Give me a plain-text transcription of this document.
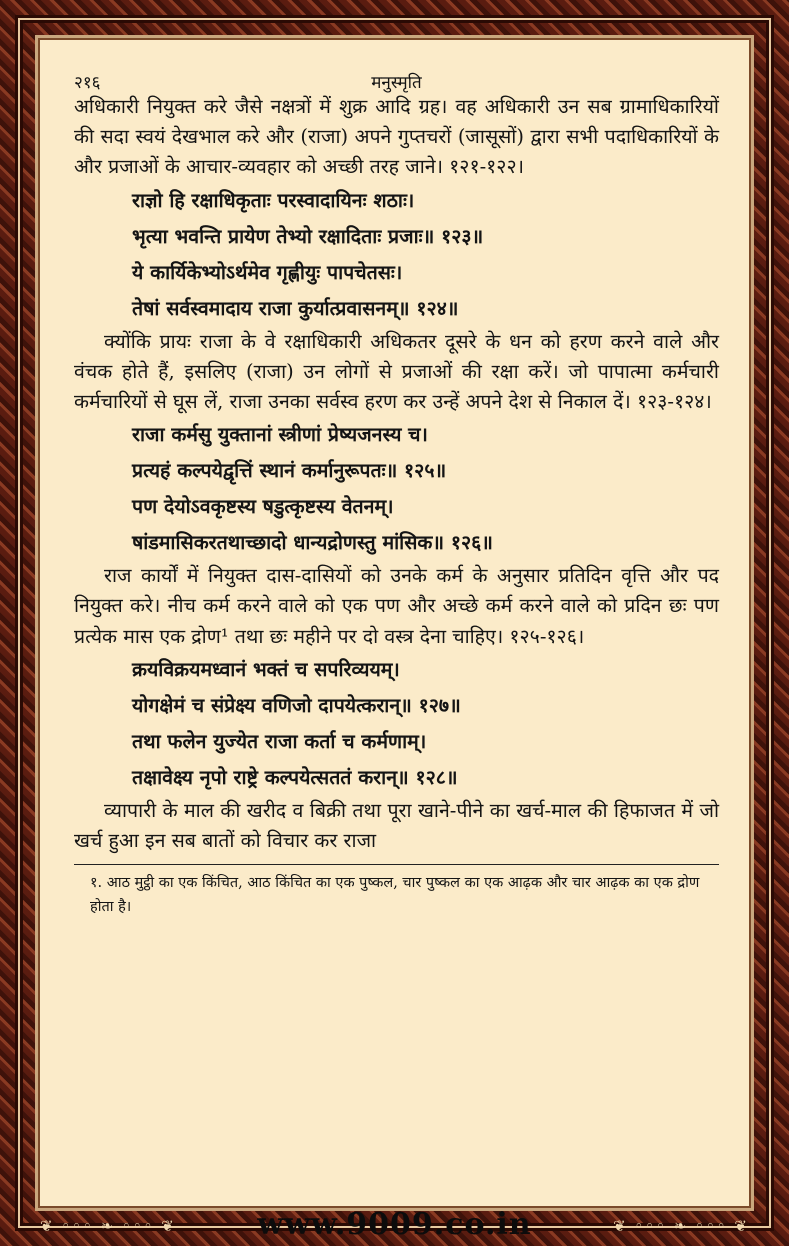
❦ ◦◦◦ ❧ ◦◦◦ ❦	❦ ◦◦◦ ❧ ◦◦◦ ❦
२१६	मनुस्मृति

अधिकारी नियुक्त करे जैसे नक्षत्रों में शुक्र आदि ग्रह। वह अधिकारी उन सब ग्रामाधिकारियों की सदा स्वयं देखभाल करे और (राजा) अपने गुप्तचरों (जासूसों) द्वारा सभी पदाधिकारियों के और प्रजाओं के आचार-व्यवहार को अच्छी तरह जाने। १२१-१२२।

राज्ञो हि रक्षाधिकृताः परस्वादायिनः शठाः।

भृत्या भवन्ति प्रायेण तेभ्यो रक्षादिताः प्रजाः॥ १२३॥

ये कार्यिकेभ्योऽर्थमेव गृह्णीयुः पापचेतसः।

तेषां सर्वस्वमादाय राजा कुर्यात्प्रवासनम्॥ १२४॥

क्योंकि प्रायः राजा के वे रक्षाधिकारी अधिकतर दूसरे के धन को हरण करने वाले और वंचक होते हैं, इसलिए (राजा) उन लोगों से प्रजाओं की रक्षा करें। जो पापात्मा कर्मचारी कर्मचारियों से घूस लें, राजा उनका सर्वस्व हरण कर उन्हें अपने देश से निकाल दें। १२३-१२४।

राजा कर्मसु युक्तानां स्त्रीणां प्रेष्यजनस्य च।

प्रत्यहं कल्पयेद्वृत्तिं स्थानं कर्मानुरूपतः॥ १२५॥

पण देयोऽवकृष्टस्य षडुत्कृष्टस्य वेतनम्।

षांडमासिकरतथाच्छादो धान्यद्रोणस्तु मांसिक॥ १२६॥

राज कार्यों में नियुक्त दास-दासियों को उनके कर्म के अनुसार प्रतिदिन वृत्ति और पद नियुक्त करे। नीच कर्म करने वाले को एक पण और अच्छे कर्म करने वाले को प्रदिन छः पण प्रत्येक मास एक द्रोण¹ तथा छः महीने पर दो वस्त्र देना चाहिए। १२५-१२६।

क्रयविक्रयमध्वानं भक्तं च सपरिव्ययम्।

योगक्षेमं च संप्रेक्ष्य वणिजो दापयेत्करान्॥ १२७॥

तथा फलेन युज्येत राजा कर्ता च कर्मणाम्।

तक्षावेक्ष्य नृपो राष्ट्रे कल्पयेत्सततं करान्॥ १२८॥

व्यापारी के माल की खरीद व बिक्री तथा पूरा खाने-पीने का खर्च-माल की हिफाजत में जो खर्च हुआ इन सब बातों को विचार कर राजा

१. आठ मुट्ठी का एक किंचित, आठ किंचित का एक पुष्कल, चार पुष्कल का एक आढ़क और चार आढ़क का एक द्रोण होता है।

www.9009.co.in
